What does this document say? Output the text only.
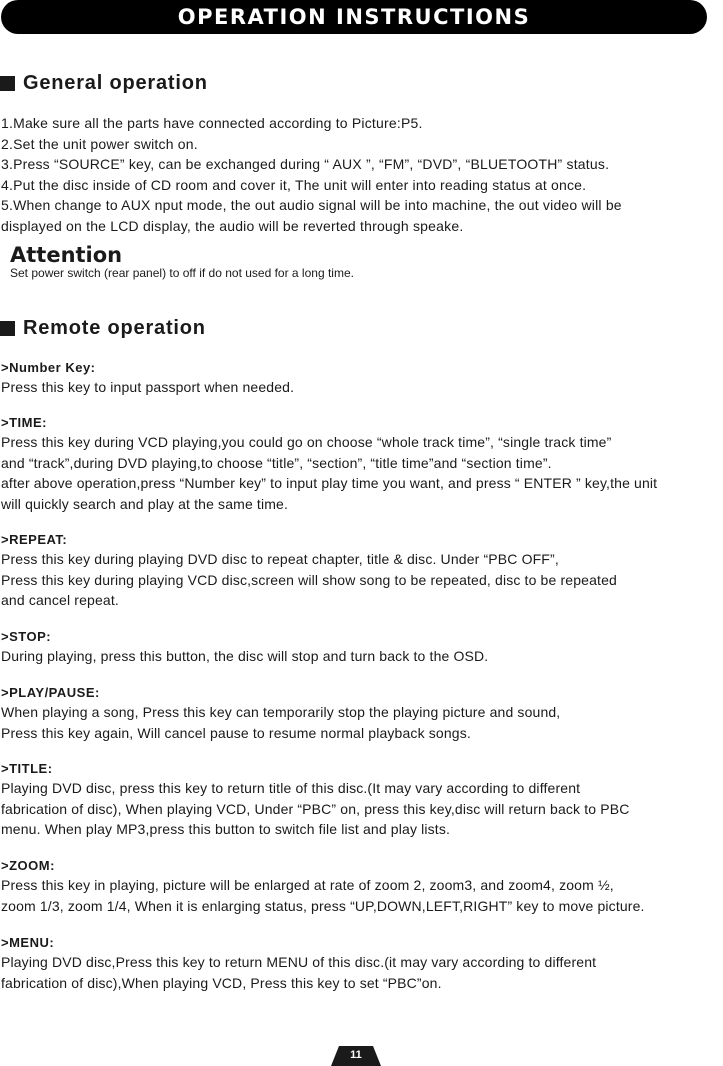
OPERATION INSTRUCTIONS
General operation
1.Make sure all the parts have connected according to Picture:P5.
2.Set the unit power switch on.
3.Press “SOURCE” key, can be exchanged during “ AUX ”, “FM”, “DVD”, “BLUETOOTH” status.
4.Put the disc inside of CD room and cover it, The unit will enter into reading status at once.
5.When change to AUX nput mode, the out audio signal will be into machine, the out video will be
displayed on the LCD display, the audio will be reverted through speake.
Attention
Set power switch (rear panel) to off if do not used for a long time.
Remote operation
>Number Key:
Press this key to input passport when needed.
>TIME:
Press this key during VCD playing,you could go on choose “whole track time”, “single track time”
and “track”,during DVD playing,to choose “title”, “section”, “title time”and “section time”.
after above operation,press “Number key” to input play time you want, and press “ ENTER ” key,the unit
will quickly search and play at the same time.
>REPEAT:
Press this key during playing DVD disc to repeat chapter, title & disc. Under “PBC OFF”,
Press this key during playing VCD disc,screen will show song to be repeated, disc to be repeated
and cancel repeat.
>STOP:
During playing, press this button, the disc will stop and turn back to the OSD.
>PLAY/PAUSE:
When playing a song, Press this key can temporarily stop the playing picture and sound,
Press this key again, Will cancel pause to resume normal playback songs.
>TITLE:
Playing DVD disc, press this key to return title of this disc.(It may vary according to different
fabrication of disc), When playing VCD, Under “PBC” on, press this key,disc will return back to PBC
menu. When play MP3,press this button to switch file list and play lists.
>ZOOM:
Press this key in playing, picture will be enlarged at rate of zoom 2, zoom3, and zoom4, zoom ½,
zoom 1/3, zoom 1/4, When it is enlarging status, press “UP,DOWN,LEFT,RIGHT” key to move picture.
>MENU:
Playing DVD disc,Press this key to return MENU of this disc.(it may vary according to different
fabrication of disc),When playing VCD, Press this key to set “PBC”on.
11
